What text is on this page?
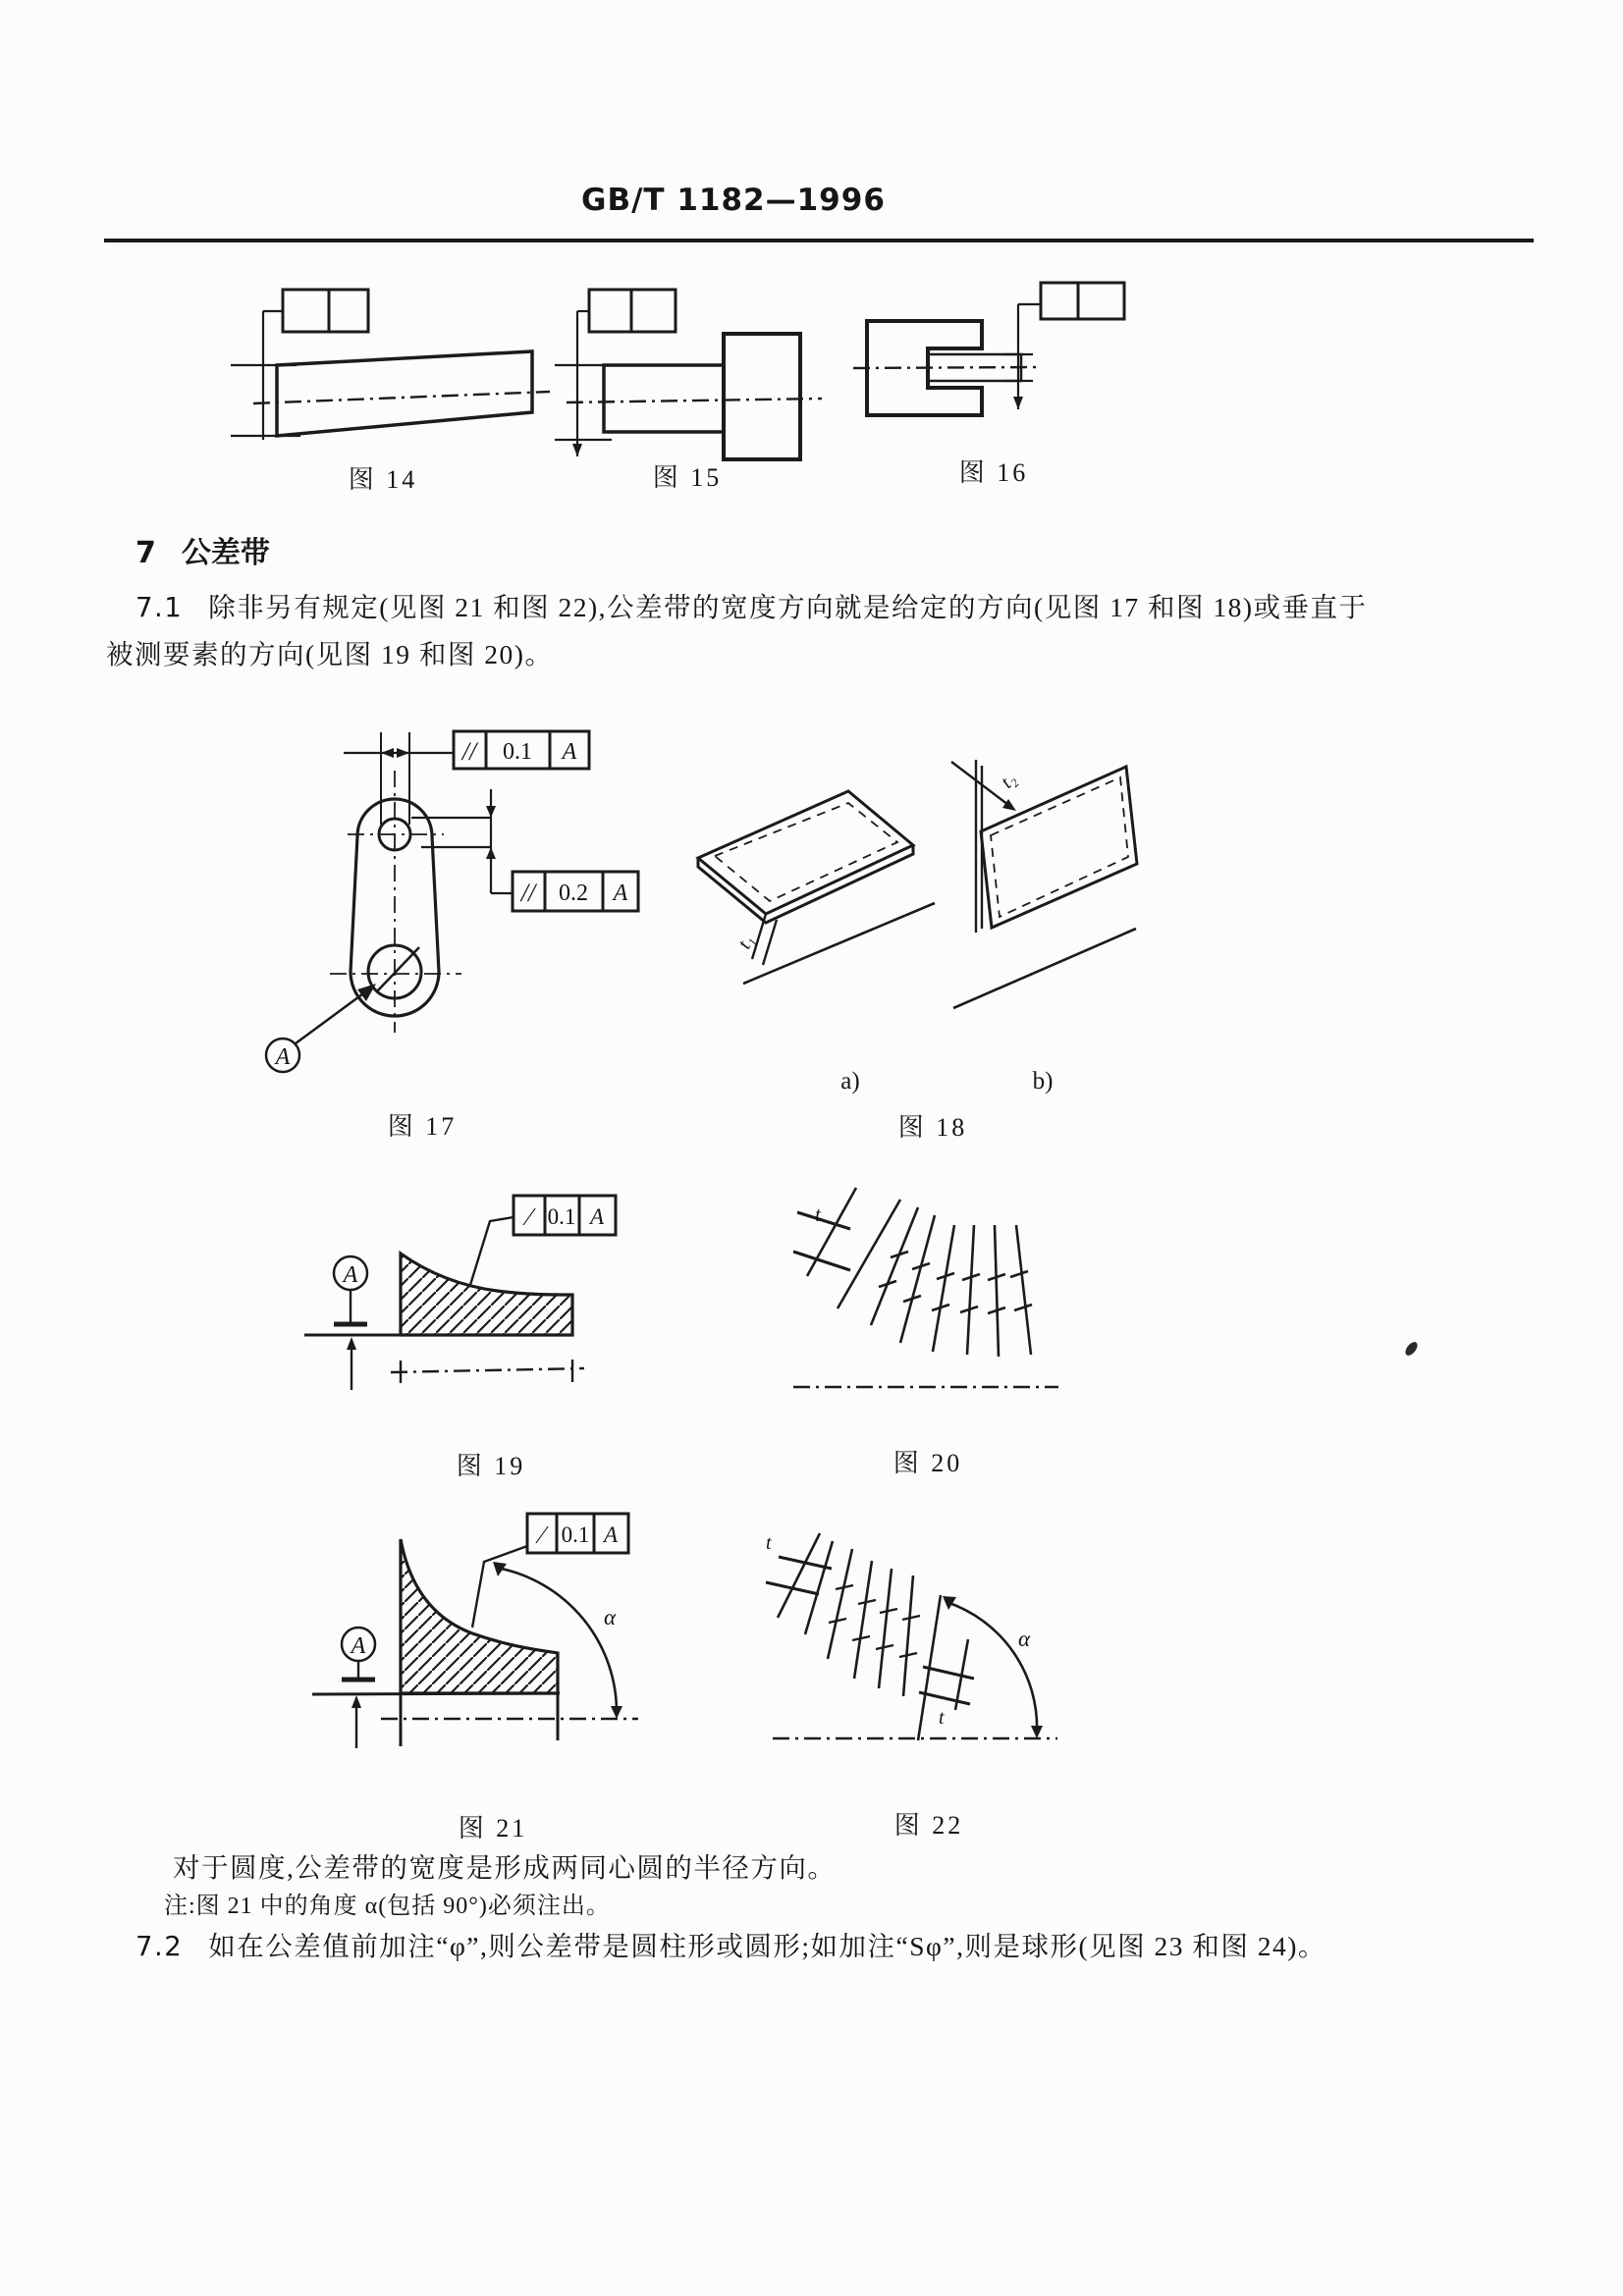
GB/T 1182—1996
图 14	图 15	图 16
7 公差带
7.1 除非另有规定(见图 21 和图 22),公差带的宽度方向就是给定的方向(见图 17 和图 18)或垂直于
被测要素的方向(见图 19 和图 20)。
// 0.1 A
// 0.2 A
A
图 17
t₁
t₂
a)	b)
图 18
∕ 0.1 A
A
图 19
t
图 20
∕ 0.1 A
α
A
图 21
t
t
α
图 22
对于圆度,公差带的宽度是形成两同心圆的半径方向。
注:图 21 中的角度 α(包括 90°)必须注出。
7.2 如在公差值前加注“φ”,则公差带是圆柱形或圆形;如加注“Sφ”,则是球形(见图 23 和图 24)。
